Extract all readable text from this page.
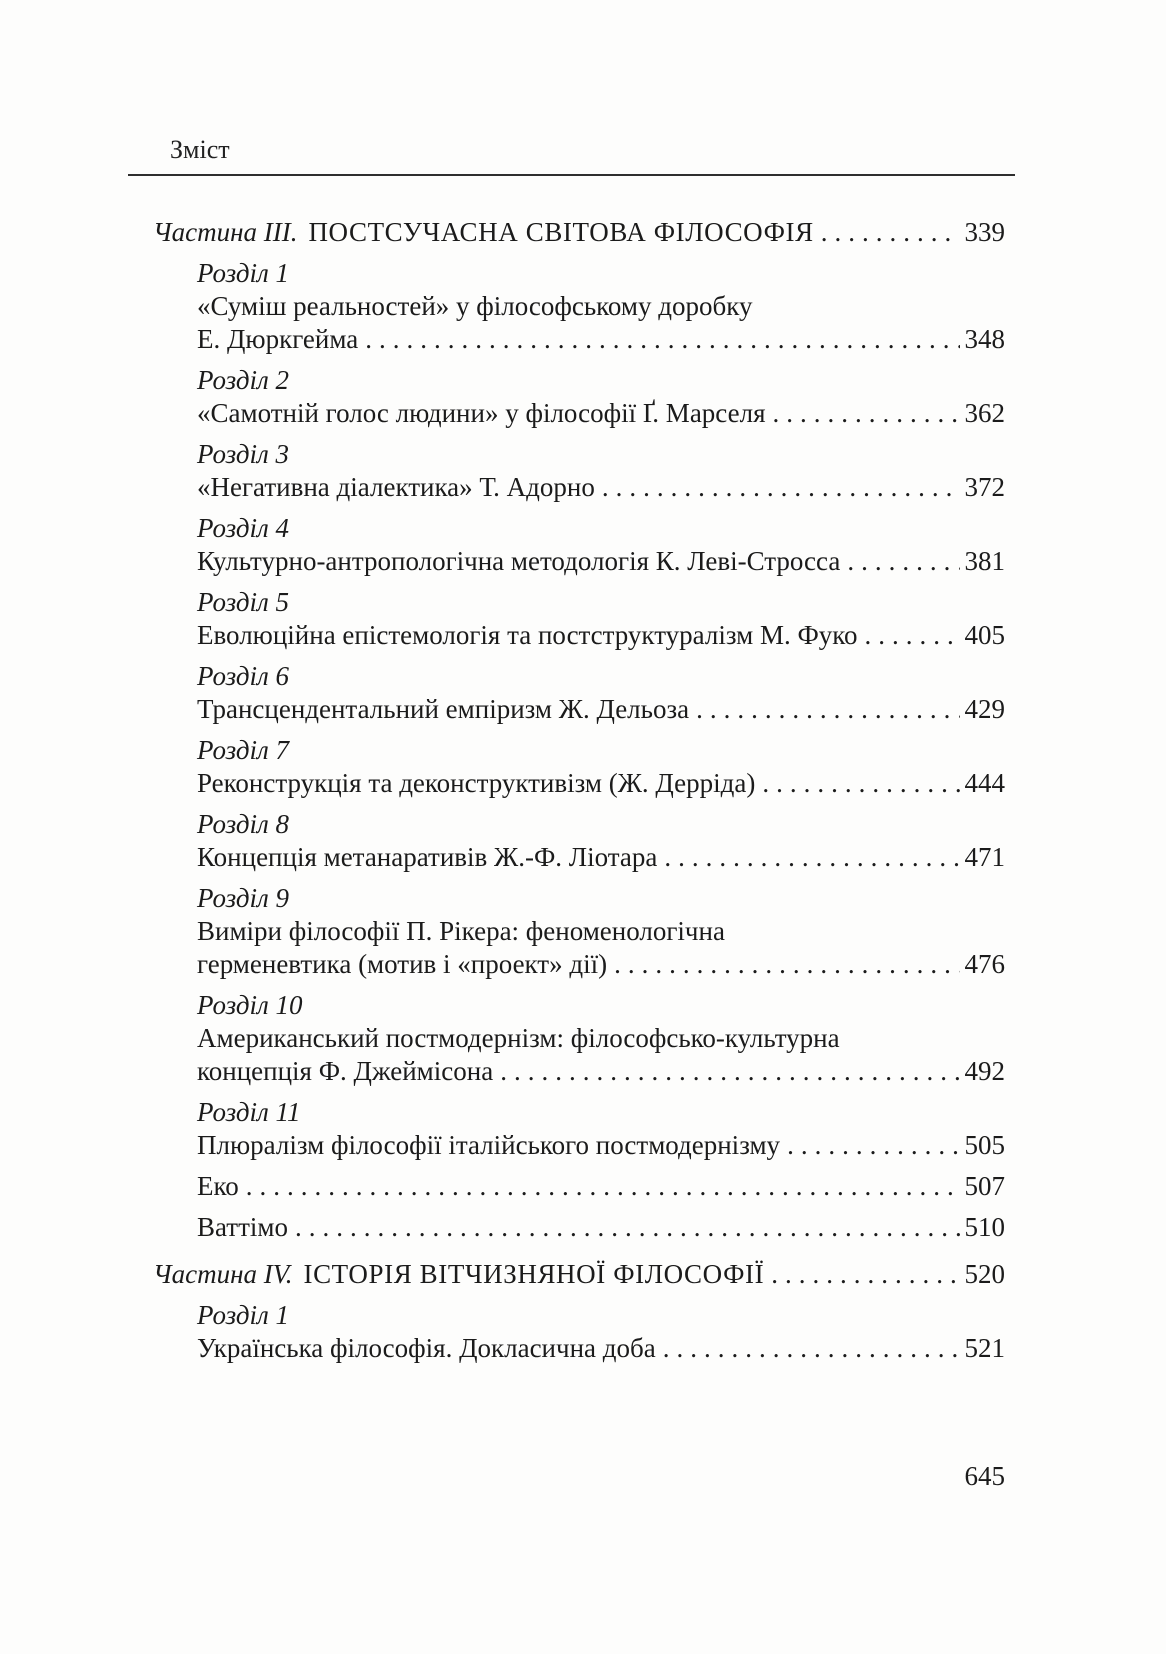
Зміст
Частина III. ПОСТСУЧАСНА СВІТОВА ФІЛОСОФІЯ .....	339
Розділ 1
«Суміш реальностей» у філософському доробку
Е. Дюркгейма .....	348
Розділ 2
«Самотній голос людини» у філософії Ґ. Марселя .....	362
Розділ 3
«Негативна діалектика» Т. Адорно .....	372
Розділ 4
Культурно-антропологічна методологія К. Леві-Стросса .....	381
Розділ 5
Еволюційна епістемологія та постструктуралізм М. Фуко .....	405
Розділ 6
Трансцендентальний емпіризм Ж. Дельоза .....	429
Розділ 7
Реконструкція та деконструктивізм (Ж. Дерріда) .....	444
Розділ 8
Концепція метанаративів Ж.-Ф. Ліотара .....	471
Розділ 9
Виміри філософії П. Рікера: феноменологічна
герменевтика (мотив і «проект» дії) .....	476
Розділ 10
Американський постмодернізм: філософсько-культурна
концепція Ф. Джеймісона .....	492
Розділ 11
Плюралізм філософії італійського постмодернізму .....	505
Еко .....	507
Ваттімо .....	510
Частина IV. ІСТОРІЯ ВІТЧИЗНЯНОЇ ФІЛОСОФІЇ .....	520
Розділ 1
Українська філософія. Докласична доба .....	521
645
